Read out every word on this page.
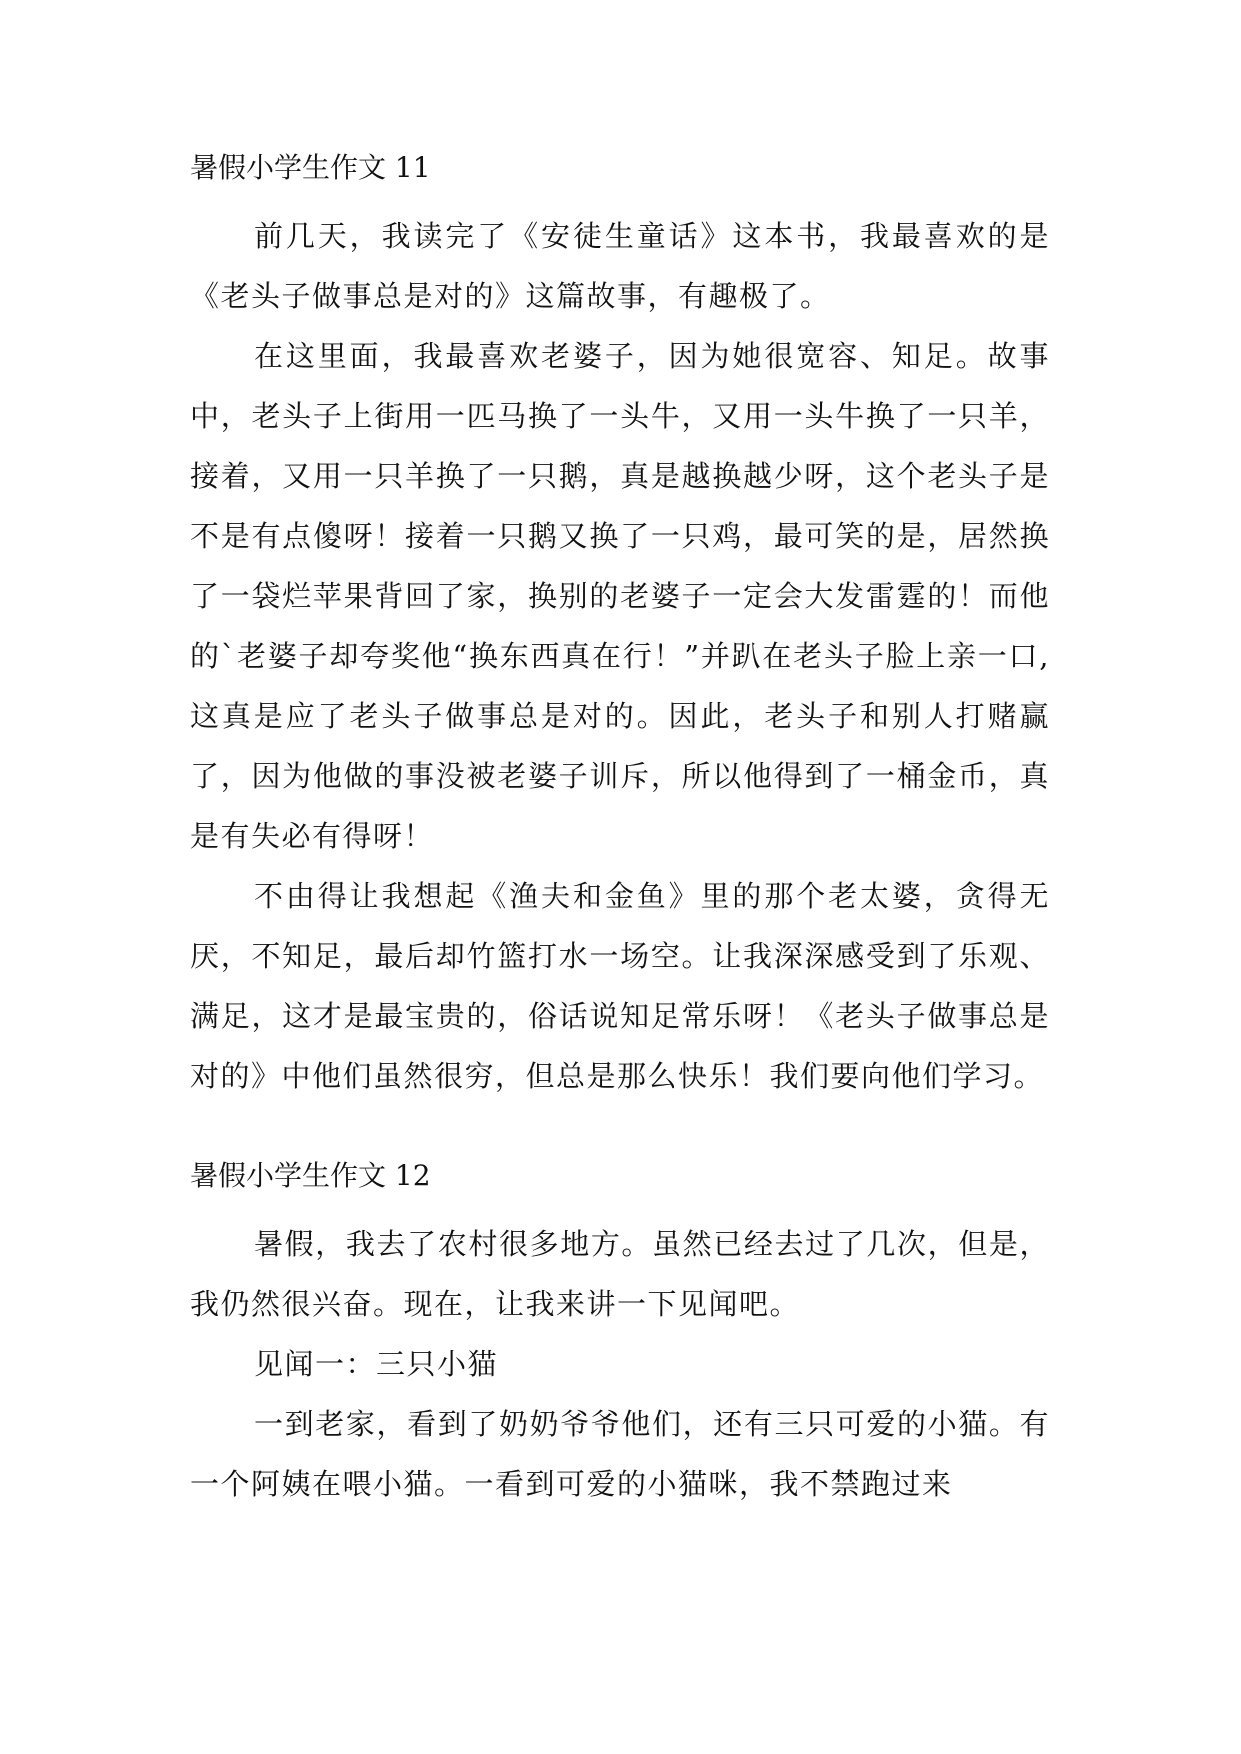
暑假小学生作文 11

前几天，我读完了《安徒生童话》这本书，我最喜欢的是《老头子做事总是对的》这篇故事，有趣极了。

在这里面，我最喜欢老婆子，因为她很宽容、知足。故事中，老头子上街用一匹马换了一头牛，又用一头牛换了一只羊，接着，又用一只羊换了一只鹅，真是越换越少呀，这个老头子是不是有点傻呀！接着一只鹅又换了一只鸡，最可笑的是，居然换了一袋烂苹果背回了家，换别的老婆子一定会大发雷霆的！而他的`老婆子却夸奖他“换东西真在行！”并趴在老头子脸上亲一口,这真是应了老头子做事总是对的。因此，老头子和别人打赌赢了，因为他做的事没被老婆子训斥，所以他得到了一桶金币，真是有失必有得呀！

不由得让我想起《渔夫和金鱼》里的那个老太婆，贪得无厌，不知足，最后却竹篮打水一场空。让我深深感受到了乐观、满足，这才是最宝贵的，俗话说知足常乐呀！《老头子做事总是对的》中他们虽然很穷，但总是那么快乐！我们要向他们学习。

暑假小学生作文 12

暑假，我去了农村很多地方。虽然已经去过了几次，但是，我仍然很兴奋。现在，让我来讲一下见闻吧。

见闻一：三只小猫

一到老家，看到了奶奶爷爷他们，还有三只可爱的小猫。有一个阿姨在喂小猫。一看到可爱的小猫咪，我不禁跑过来
